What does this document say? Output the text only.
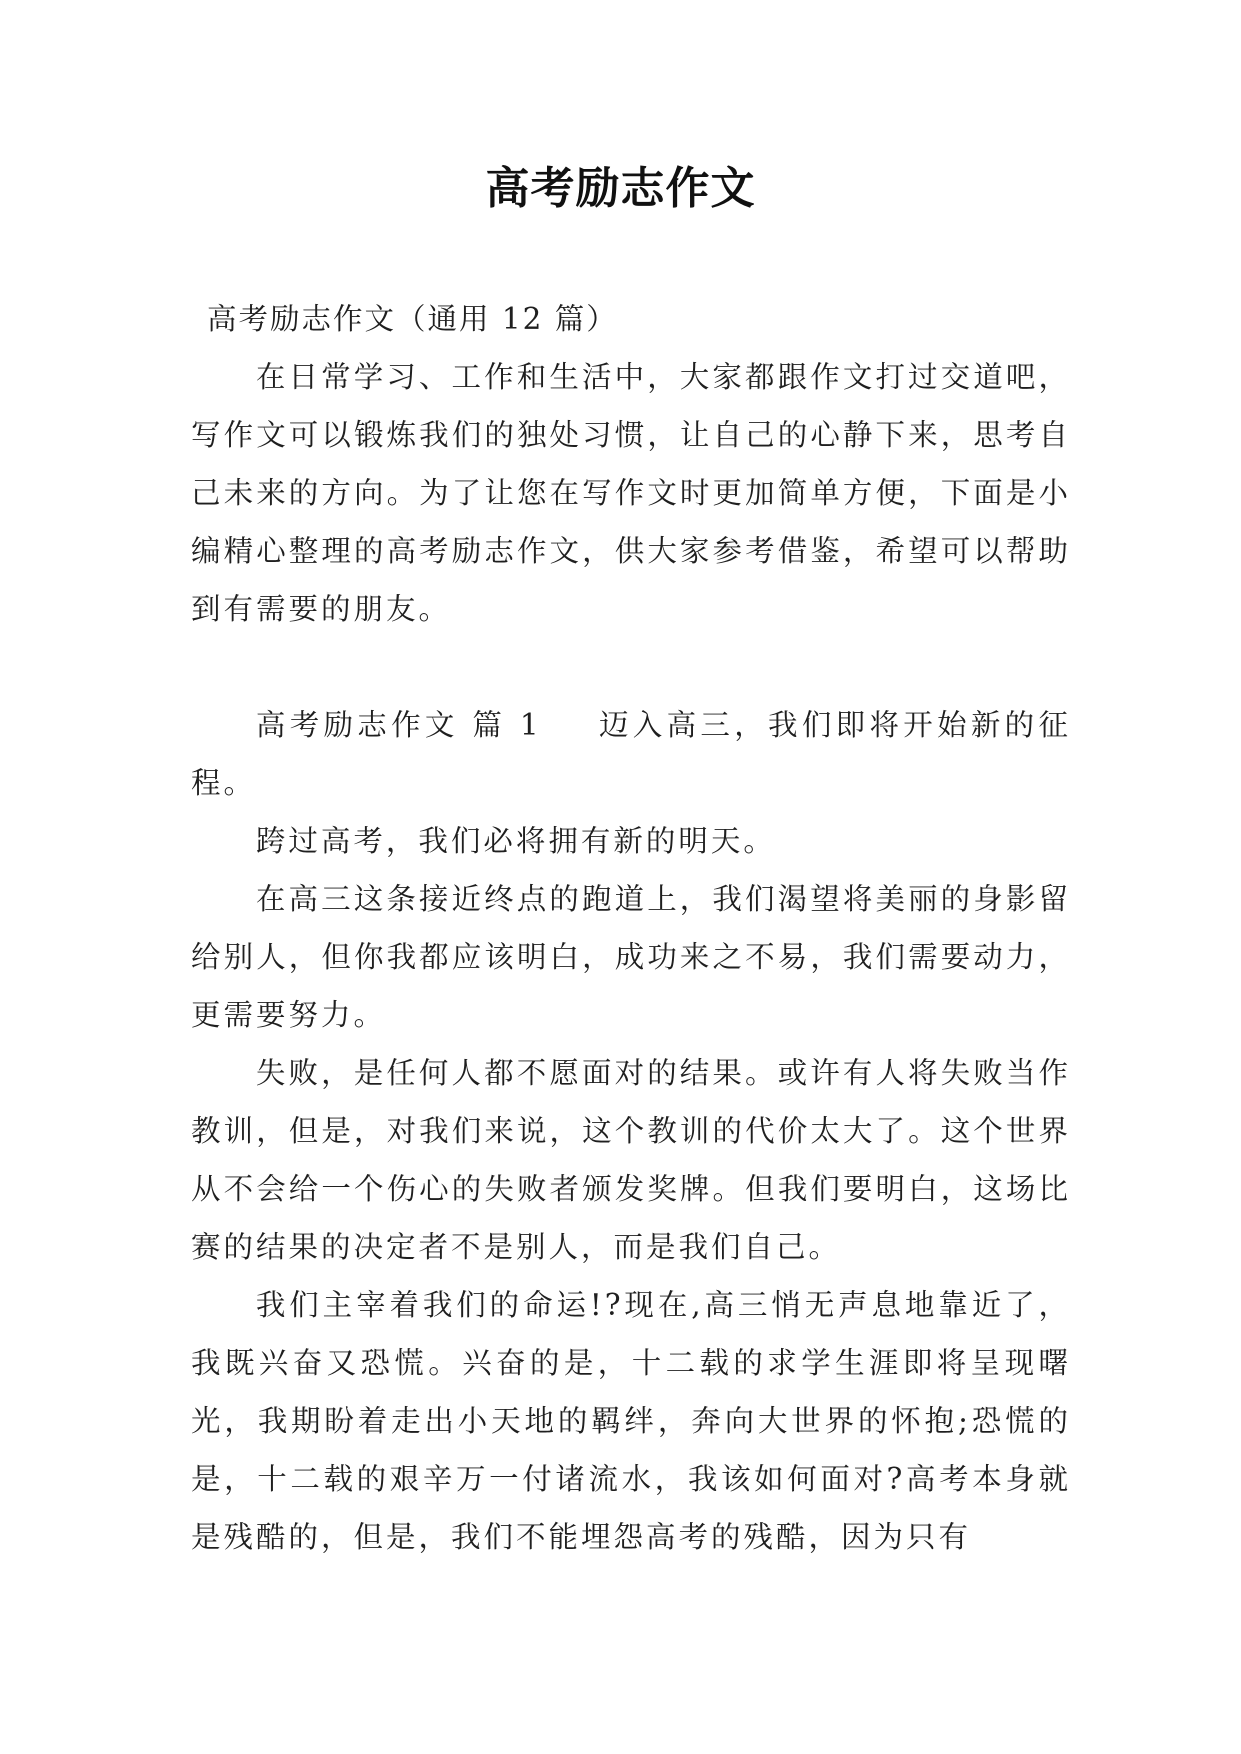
高考励志作文

高考励志作文（通用 12 篇）

在日常学习、工作和生活中，大家都跟作文打过交道吧，写作文可以锻炼我们的独处习惯，让自己的心静下来，思考自己未来的方向。为了让您在写作文时更加简单方便，下面是小编精心整理的高考励志作文，供大家参考借鉴，希望可以帮助到有需要的朋友。

高考励志作文 篇 1 迈入高三，我们即将开始新的征程。

跨过高考，我们必将拥有新的明天。

在高三这条接近终点的跑道上，我们渴望将美丽的身影留给别人，但你我都应该明白，成功来之不易，我们需要动力，更需要努力。

失败，是任何人都不愿面对的结果。或许有人将失败当作教训，但是，对我们来说，这个教训的代价太大了。这个世界从不会给一个伤心的失败者颁发奖牌。但我们要明白，这场比赛的结果的决定者不是别人，而是我们自己。

我们主宰着我们的命运!?现在,高三悄无声息地靠近了，我既兴奋又恐慌。兴奋的是，十二载的求学生涯即将呈现曙光，我期盼着走出小天地的羁绊，奔向大世界的怀抱;恐慌的是，十二载的艰辛万一付诸流水，我该如何面对?高考本身就是残酷的，但是，我们不能埋怨高考的残酷，因为只有
